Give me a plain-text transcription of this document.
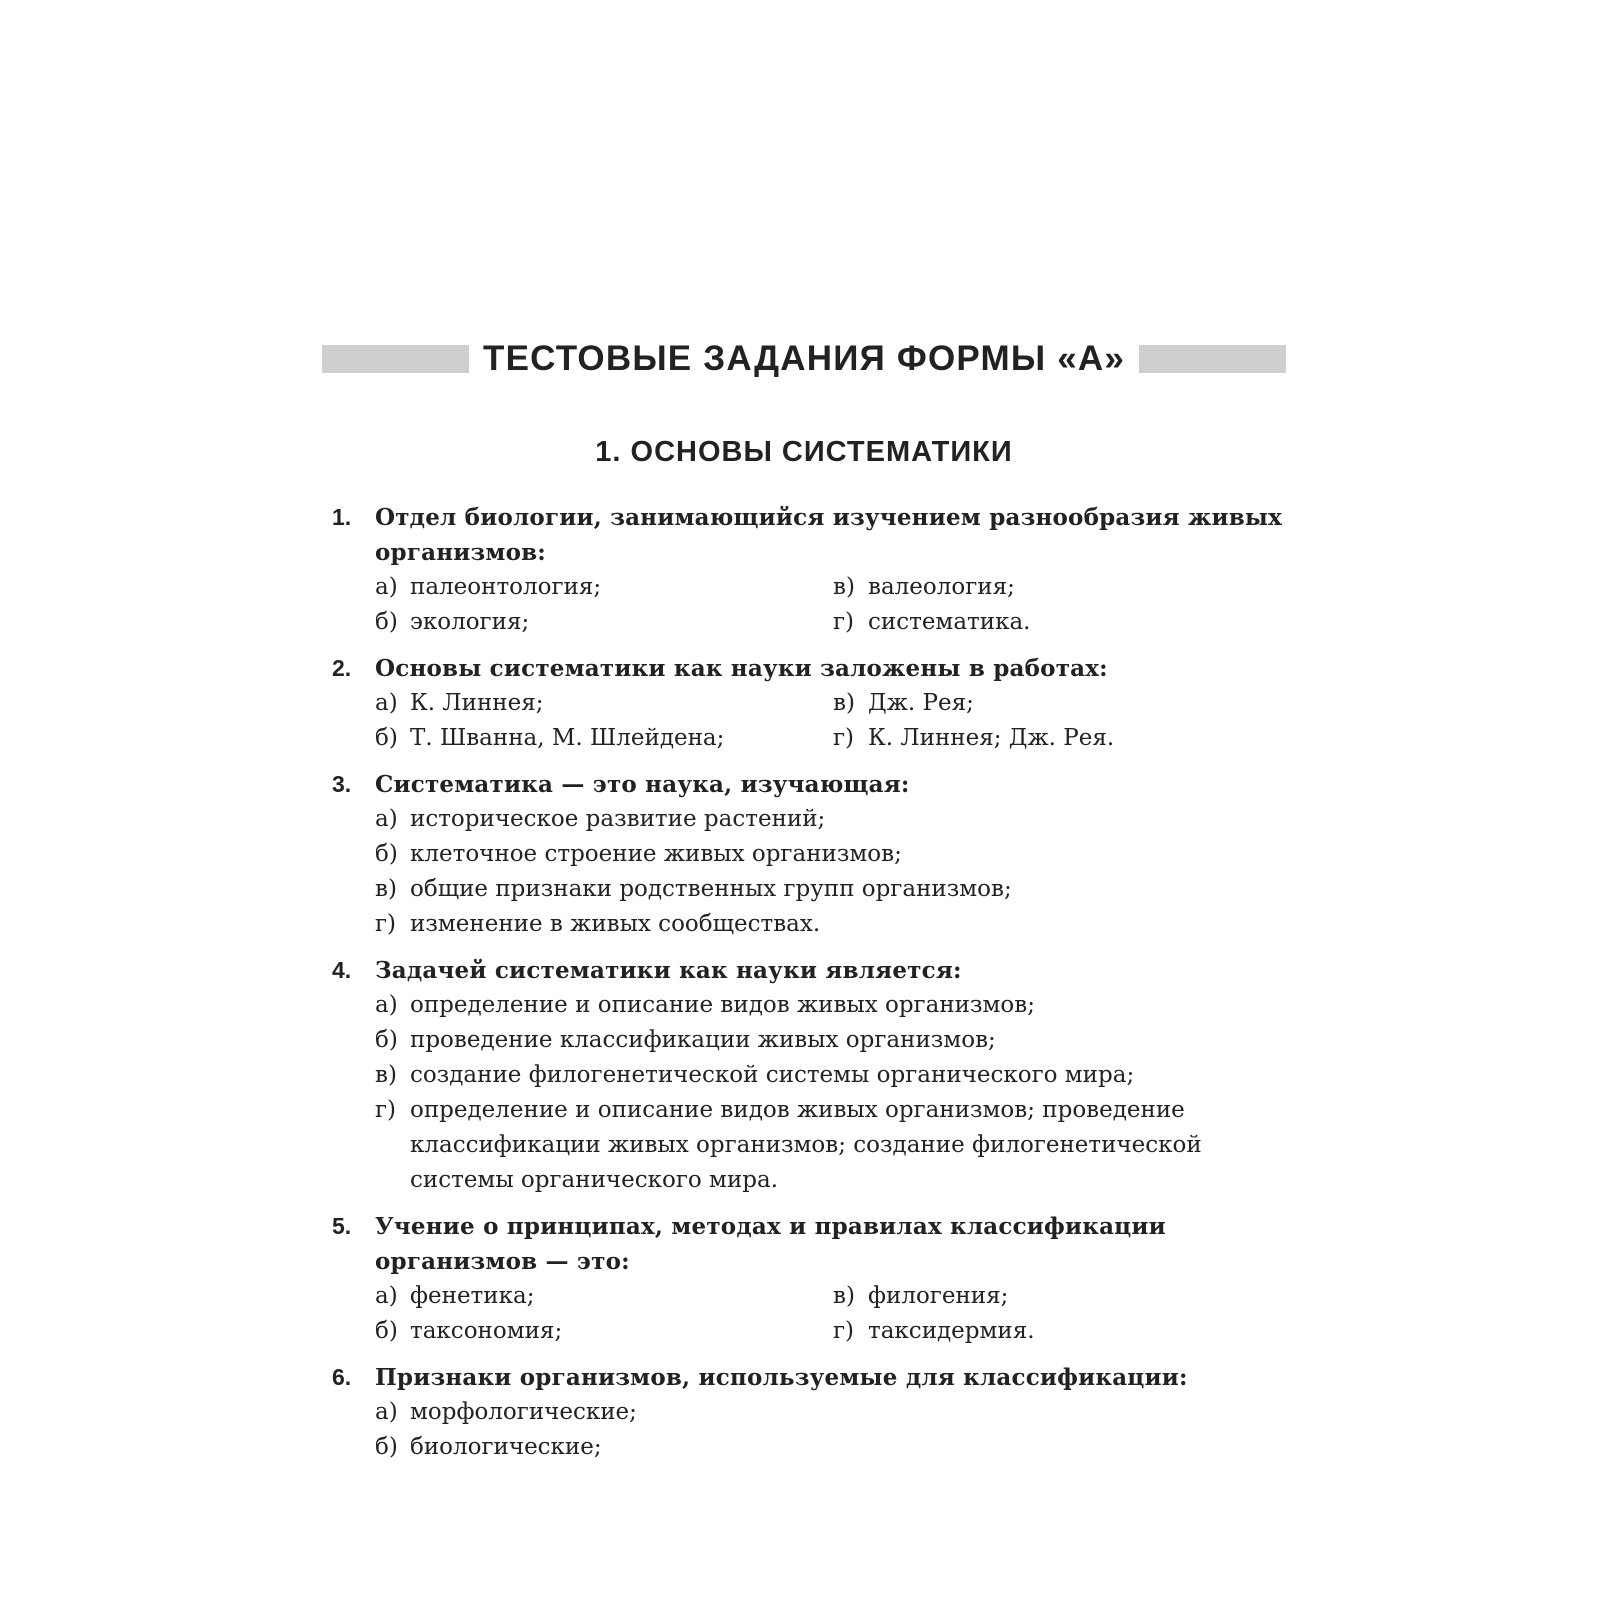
ТЕСТОВЫЕ ЗАДАНИЯ ФОРМЫ «А»
1. ОСНОВЫ СИСТЕМАТИКИ
1. Отдел биологии, занимающийся изучением разнообразия живых организмов:
а) палеонтология;	в) валеология;
б) экология;	г) систематика.
2. Основы систематики как науки заложены в работах:
а) К. Линнея;	в) Дж. Рея;
б) Т. Шванна, М. Шлейдена;	г) К. Линнея; Дж. Рея.
3. Систематика — это наука, изучающая:
а) историческое развитие растений;
б) клеточное строение живых организмов;
в) общие признаки родственных групп организмов;
г) изменение в живых сообществах.
4. Задачей систематики как науки является:
а) определение и описание видов живых организмов;
б) проведение классификации живых организмов;
в) создание филогенетической системы органического мира;
г) определение и описание видов живых организмов; проведение классификации живых организмов; создание филогенетической системы органического мира.
5. Учение о принципах, методах и правилах классификации организмов — это:
а) фенетика;	в) филогения;
б) таксономия;	г) таксидермия.
6. Признаки организмов, используемые для классификации:
а) морфологические;
б) биологические;
